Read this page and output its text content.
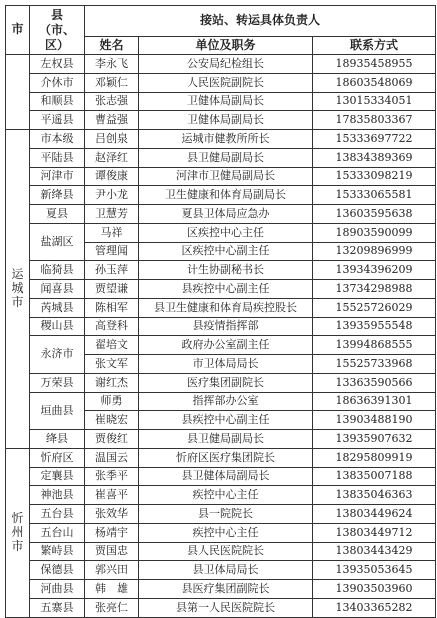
市	县
（市、区）	接站、转运具体负责人		
		姓名	单位及职务	联系方式
	左权县	李永飞	公安局纪检组长	18935458955
	介休市	邓颖仁	人民医院副院长	18603548069
	和顺县	张志强	卫健体局副局长	13015334051
	平遥县	曹益强	卫健体局副局长	17835803367

运
城
市	市本级	吕创泉	运城市健教所所长	15333697722
	平陆县	赵泽红	县卫健局副局长	13834389369
	河津市	谭俊康	河津市卫健局副局长	15333098219
	新绛县	尹小龙	卫生健康和体育局副局长	15333065581
	夏县	卫慧芳	夏县卫体局应急办	13603595638
	盐湖区	马祥	区疾控中心主任	18903590099
		管理闻	区疾控中心副主任	13209896999
	临猗县	孙玉萍	计生协副秘书长	13934396209
	闻喜县	贾望谦	县疾控中心副主任	13734298988
	芮城县	陈相军	县卫生健康和体育局疾控股长	15525726029
	稷山县	高登科	县疫情指挥部	13935955548
	永济市	翟培文	政府办公室副主任	13994868555
		张文军	市卫体局局长	15525733968
	万荣县	谢红杰	医疗集团副院长	13363590566
	垣曲县	师勇	指挥部办公室	18636391301
		崔晓宏	县疾控中心副主任	13903488190
	绛县	贾俊红	县卫健局副局长	13935907632

忻
州
市	忻府区	温国云	忻府区医疗集团院长	18295809919
	定襄县	张季平	县卫健体局副局长	13835007188
	神池县	崔喜平	疾控中心主任	13835046363
	五台县	张效华	县一院院长	13803449624
	五台山	杨靖宇	疾控中心主任	13803449712
	繁峙县	贾国忠	县人民医院院长	13803443429
	保德县	郭兴田	县卫体局局长	13935053645
	河曲县	韩　雄	县医疗集团副院长	13903503960
	五寨县	张亮仁	县第一人民医院院长	13403365282
